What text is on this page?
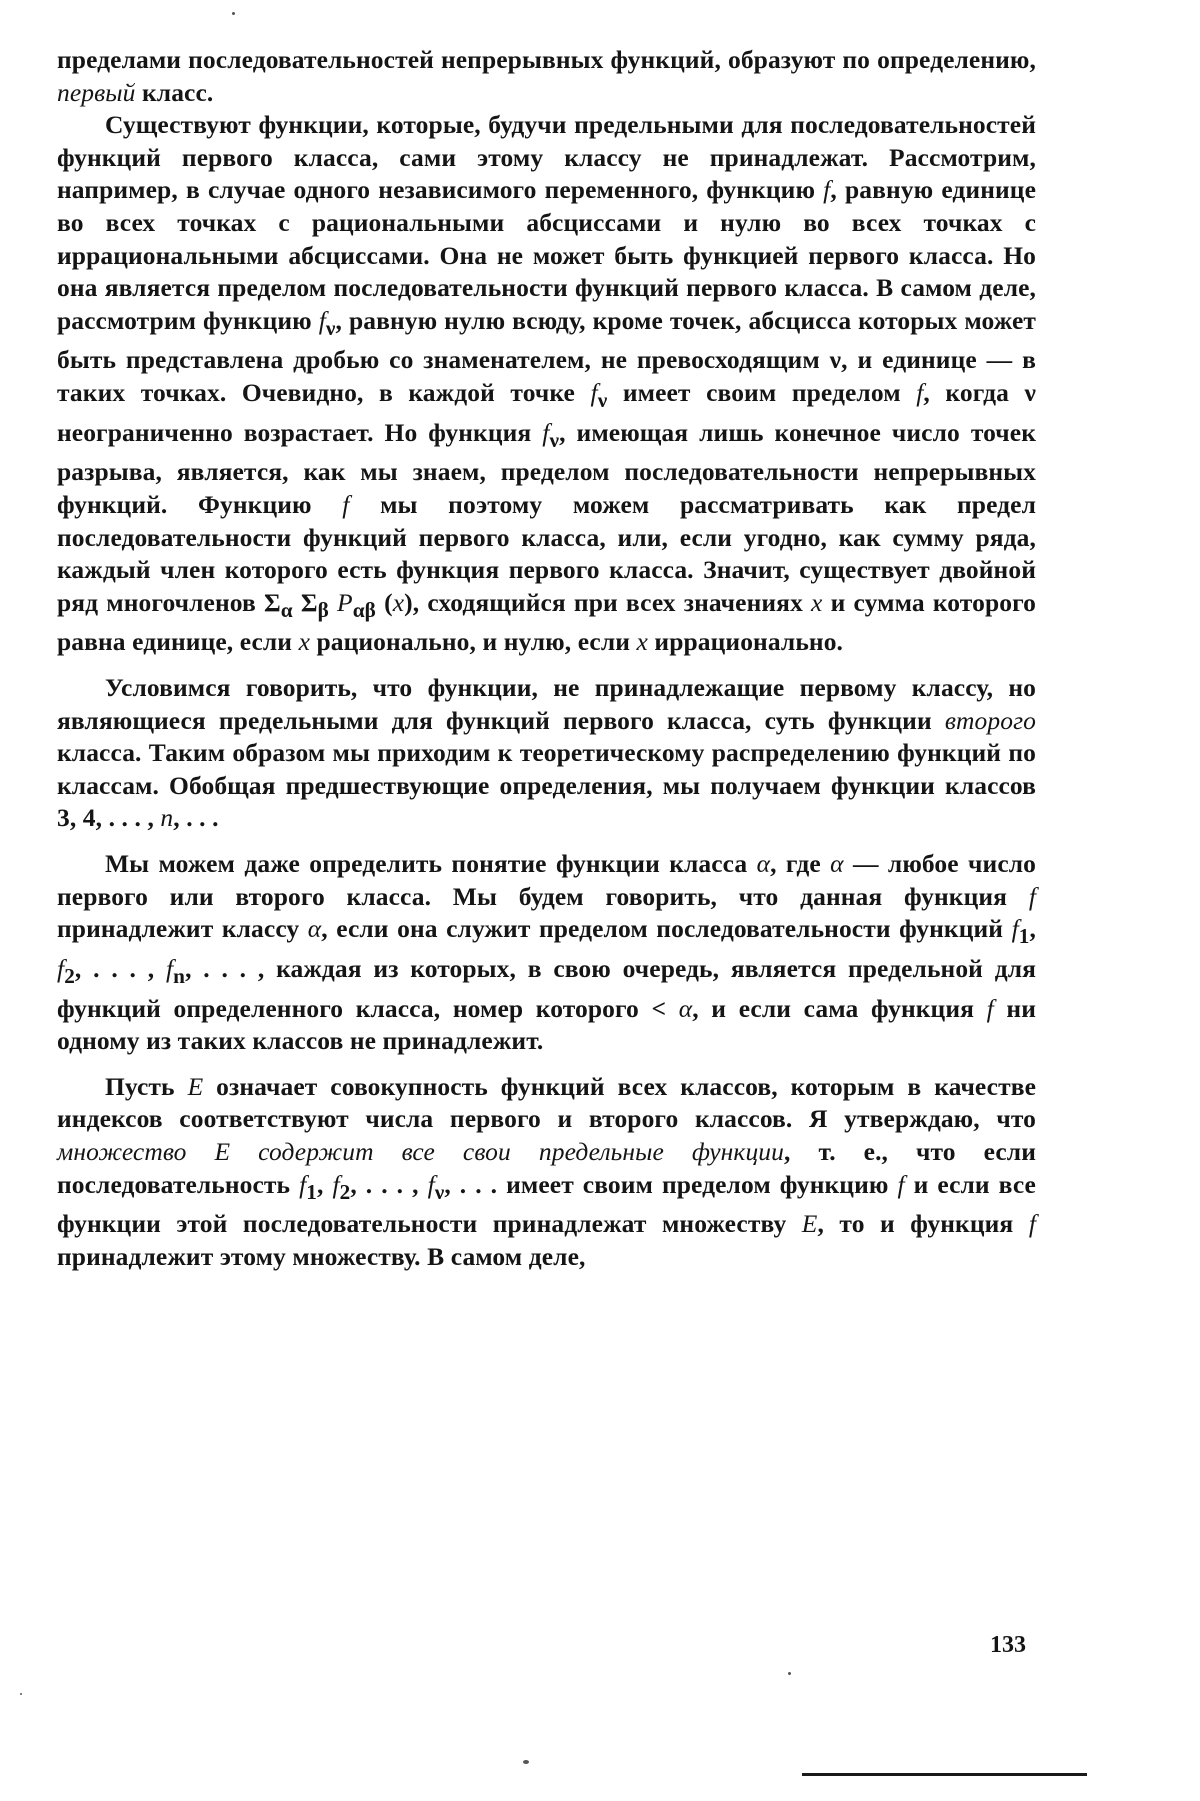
пределами последовательностей непрерывных функций, образуют по определению, первый класс.

Существуют функции, которые, будучи предельными для последовательностей функций первого класса, сами этому классу не принадлежат. Рассмотрим, например, в случае одного независимого переменного, функцию f, равную единице во всех точках с рациональными абсциссами и нулю во всех точках с иррациональными абсциссами. Она не может быть функцией первого класса. Но она является пределом последовательности функций первого класса. В самом деле, рассмотрим функцию $f_\nu$, равную нулю всюду, кроме точек, абсцисса которых может быть представлена дробью со знаменателем, не превосходящим ν, и единице — в таких точках. Очевидно, в каждой точке $f_\nu$ имеет своим пределом f, когда ν неограниченно возрастает. Но функция $f_\nu$, имеющая лишь конечное число точек разрыва, является, как мы знаем, пределом последовательности непрерывных функций. Функцию f мы поэтому можем рассматривать как предел последовательности функций первого класса, или, если угодно, как сумму ряда, каждый член которого есть функция первого класса. Значит, существует двойной ряд многочленов $\Sigma_\alpha$ $\Sigma_\beta$ $P_{\alpha\beta}$ (x), сходящийся при всех значениях x и сумма которого равна единице, если x рационально, и нулю, если x иррационально.

Условимся говорить, что функции, не принадлежащие первому классу, но являющиеся предельными для функций первого класса, суть функции второго класса. Таким образом мы приходим к теоретическому распределению функций по классам. Обобщая предшествующие определения, мы получаем функции классов 3, 4, . . . , n, . . .

Мы можем даже определить понятие функции класса α, где α — любое число первого или второго класса. Мы будем говорить, что данная функция f принадлежит классу α, если она служит пределом последовательности функций $f_1$, $f_2$, . . . , $f_n$, . . . , каждая из которых, в свою очередь, является предельной для функций определенного класса, номер которого < α, и если сама функция f ни одному из таких классов не принадлежит.

Пусть E означает совокупность функций всех классов, которым в качестве индексов соответствуют числа первого и второго классов. Я утверждаю, что множество E содержит все свои предельные функции, т. е., что если последовательность $f_1$, $f_2$, . . . , $f_\nu$, . . . имеет своим пределом функцию f и если все функции этой последовательности принадлежат множеству E, то и функция f принадлежит этому множеству. В самом деле,

133
